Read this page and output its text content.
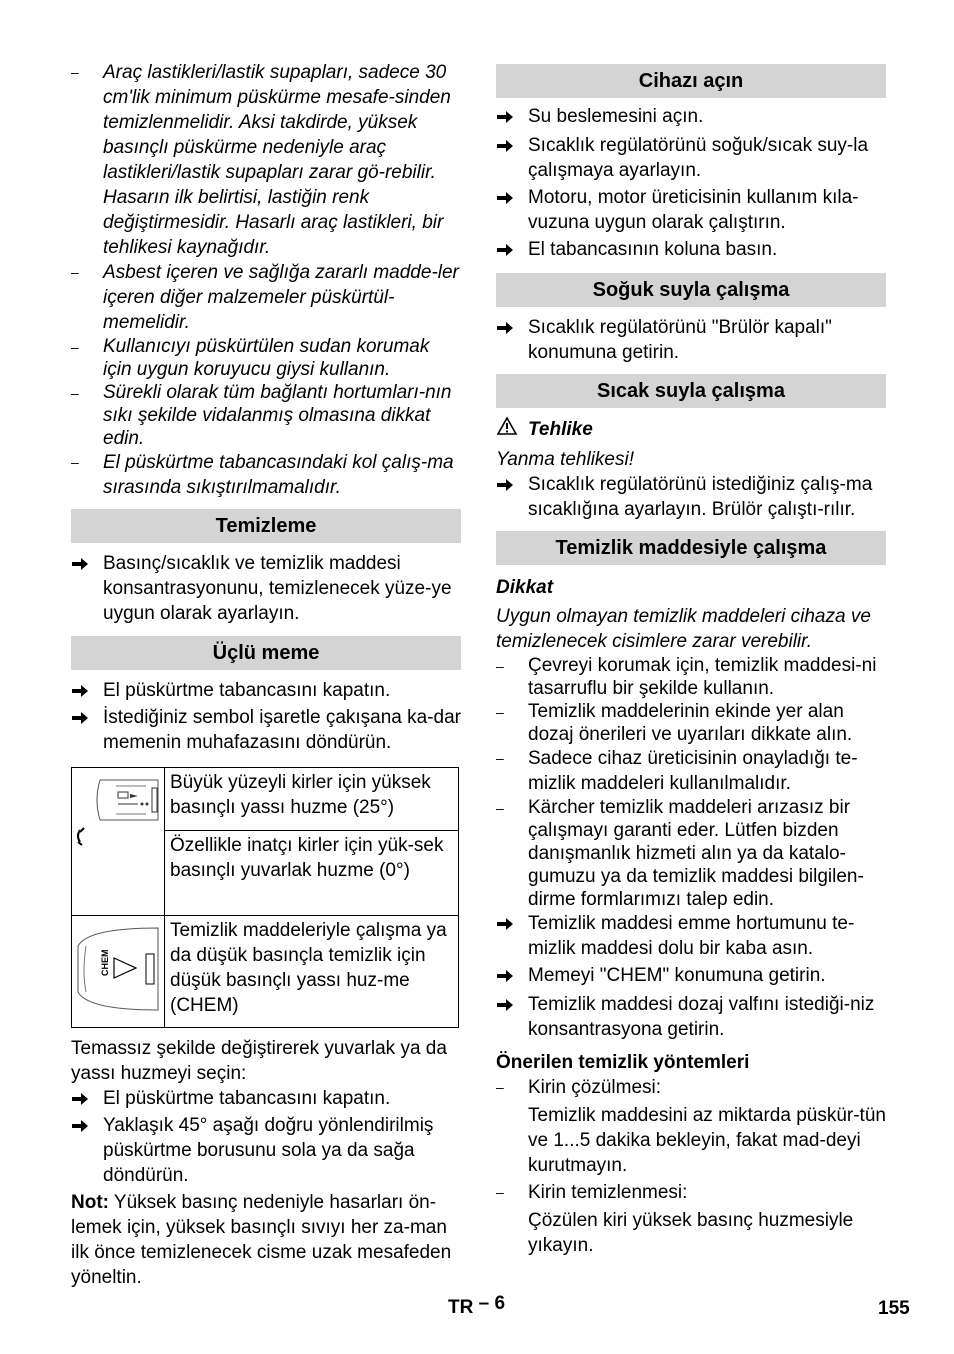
–	Araç lastikleri/lastik supapları, sadece 30 cm'lik minimum püskürme mesafe-sinden temizlenmelidir. Aksi takdirde, yüksek basınçlı püskürme nedeniyle araç lastikleri/lastik supapları zarar gö-rebilir. Hasarın ilk belirtisi, lastiğin renk değiştirmesidir. Hasarlı araç lastikleri, bir tehlikesi kaynağıdır.
–	Asbest içeren ve sağlığa zararlı madde-ler içeren diğer malzemeler püskürtül-memelidir.
–	Kullanıcıyı püskürtülen sudan korumak için uygun koruyucu giysi kullanın.
–	Sürekli olarak tüm bağlantı hortumları-nın sıkı şekilde vidalanmış olmasına dikkat edin.
–	El püskürtme tabancasındaki kol çalış-ma sırasında sıkıştırılmamalıdır.
Temizleme
Basınç/sıcaklık ve temizlik maddesi konsantrasyonunu, temizlenecek yüze-ye uygun olarak ayarlayın.
Üçlü meme
El püskürtme tabancasını kapatın.
İstediğiniz sembol işaretle çakışana ka-dar memenin muhafazasını döndürün.
	Büyük yüzeyli kirler için yüksek basınçlı yassı huzme (25°)
	Özellikle inatçı kirler için yük-sek basınçlı yuvarlak huzme (0°)

CHEM	Temizlik maddeleriyle çalışma ya da düşük basınçla temizlik için düşük basınçlı yassı huz-me (CHEM)

Temassız şekilde değiştirerek yuvarlak ya da yassı huzmeyi seçin:

El püskürtme tabancasını kapatın.
Yaklaşık 45° aşağı doğru yönlendirilmiş püskürtme borusunu sola ya da sağa döndürün.

Not: Yüksek basınç nedeniyle hasarları ön-lemek için, yüksek basınçlı sıvıyı her za-man ilk önce temizlenecek cisme uzak mesafeden yöneltin.

Cihazı açın
Su beslemesini açın.
Sıcaklık regülatörünü soğuk/sıcak suy-la çalışmaya ayarlayın.
Motoru, motor üreticisinin kullanım kıla-vuzuna uygun olarak çalıştırın.
El tabancasının koluna basın.
Soğuk suyla çalışma
Sıcaklık regülatörünü "Brülör kapalı" konumuna getirin.
Sıcak suyla çalışma
Tehlike

Yanma tehlikesi!

Sıcaklık regülatörünü istediğiniz çalış-ma sıcaklığına ayarlayın. Brülör çalıştı-rılır.
Temizlik maddesiyle çalışma

Dikkat

Uygun olmayan temizlik maddeleri cihaza ve temizlenecek cisimlere zarar verebilir.

–	Çevreyi korumak için, temizlik maddesi-ni tasarruflu bir şekilde kullanın.
–	Temizlik maddelerinin ekinde yer alan dozaj önerileri ve uyarıları dikkate alın.
–	Sadece cihaz üreticisinin onayladığı te-mizlik maddeleri kullanılmalıdır.
–	Kärcher temizlik maddeleri arızasız bir çalışmayı garanti eder. Lütfen bizden danışmanlık hizmeti alın ya da katalo-gumuzu ya da temizlik maddesi bilgilen-dirme formlarımızı talep edin.
Temizlik maddesi emme hortumunu te-mizlik maddesi dolu bir kaba asın.
Memeyi "CHEM" konumuna getirin.
Temizlik maddesi dozaj valfını istediği-niz konsantrasyona getirin.

Önerilen temizlik yöntemleri

–	Kirin çözülmesi:

Temizlik maddesini az miktarda püskür-tün ve 1...5 dakika bekleyin, fakat mad-deyi kurutmayın.

–	Kirin temizlenmesi:

Çözülen kiri yüksek basınç huzmesiyle yıkayın.

TR – 6	155
